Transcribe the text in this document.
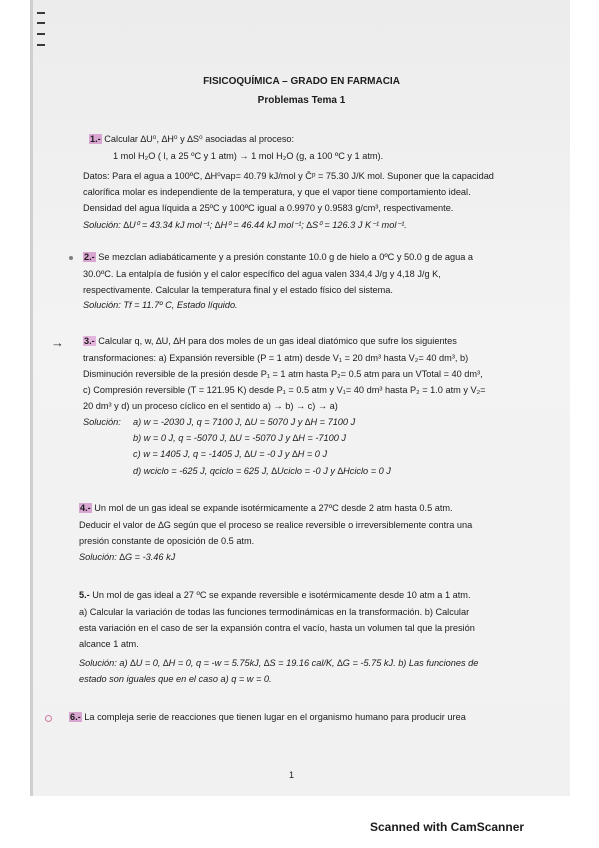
FISICOQUÍMICA – GRADO EN FARMACIA
Problemas Tema 1

1.- Calcular ∆U⁰, ∆H⁰ y ∆S⁰ asociadas al proceso:

1 mol H₂O ( l, a 25 ºC y 1 atm) → 1 mol H₂O (g, a 100 ºC y 1 atm).

Datos: Para el agua a 100ºC, ∆H⁰vap= 40.79 kJ/mol y C̄ᵖ = 75.30 J/K mol. Suponer que la capacidad

calorífica molar es independiente de la temperatura, y que el vapor tiene comportamiento ideal.

Densidad del agua líquida a 25ºC y 100ºC igual a 0.9970 y 0.9583 g/cm³, respectivamente.

Solución: ∆U⁰ = 43.34 kJ mol⁻¹; ∆H⁰ = 46.44 kJ mol⁻¹; ∆S⁰ = 126.3 J K⁻¹ mol⁻¹.

2.- Se mezclan adiabáticamente y a presión constante 10.0 g de hielo a 0ºC y 50.0 g de agua a

30.0ºC. La entalpía de fusión y el calor específico del agua valen 334,4 J/g y 4,18 J/g K,

respectivamente. Calcular la temperatura final y el estado físico del sistema.

Solución: Tf = 11.7º C, Estado líquido.

→ 3.- Calcular q, w, ∆U, ∆H para dos moles de un gas ideal diatómico que sufre los siguientes

transformaciones: a) Expansión reversible (P = 1 atm) desde V₁ = 20 dm³ hasta V₂= 40 dm³, b)

Disminución reversible de la presión desde P₁ = 1 atm hasta P₂= 0.5 atm para un VTotal = 40 dm³,

c) Compresión reversible (T = 121.95 K) desde P₁ = 0.5 atm y V₁= 40 dm³ hasta P₂ = 1.0 atm y V₂=

20 dm³ y d) un proceso cíclico en el sentido a) → b) → c) → a)

Solución: a) w = -2030 J, q = 7100 J, ∆U = 5070 J y ∆H = 7100 J

b) w = 0 J, q = -5070 J, ∆U = -5070 J y ∆H = -7100 J

c) w = 1405 J, q = -1405 J, ∆U = -0 J y ∆H = 0 J

d) wciclo = -625 J, qciclo = 625 J, ∆Uciclo = -0 J y ∆Hciclo = 0 J

4.- Un mol de un gas ideal se expande isotérmicamente a 27ºC desde 2 atm hasta 0.5 atm.

Deducir el valor de ∆G según que el proceso se realice reversible o irreversiblemente contra una

presión constante de oposición de 0.5 atm.

Solución: ∆G = -3.46 kJ

5.- Un mol de gas ideal a 27 ºC se expande reversible e isotérmicamente desde 10 atm a 1 atm.

a) Calcular la variación de todas las funciones termodinámicas en la transformación. b) Calcular

esta variación en el caso de ser la expansión contra el vacío, hasta un volumen tal que la presión

alcance 1 atm.

Solución: a) ∆U = 0, ∆H = 0, q = -w = 5.75kJ, ∆S = 19.16 cal/K, ∆G = -5.75 kJ. b) Las funciones de

estado son iguales que en el caso a) q = w = 0.

6.- La compleja serie de reacciones que tienen lugar en el organismo humano para producir urea

1
Scanned with CamScanner
